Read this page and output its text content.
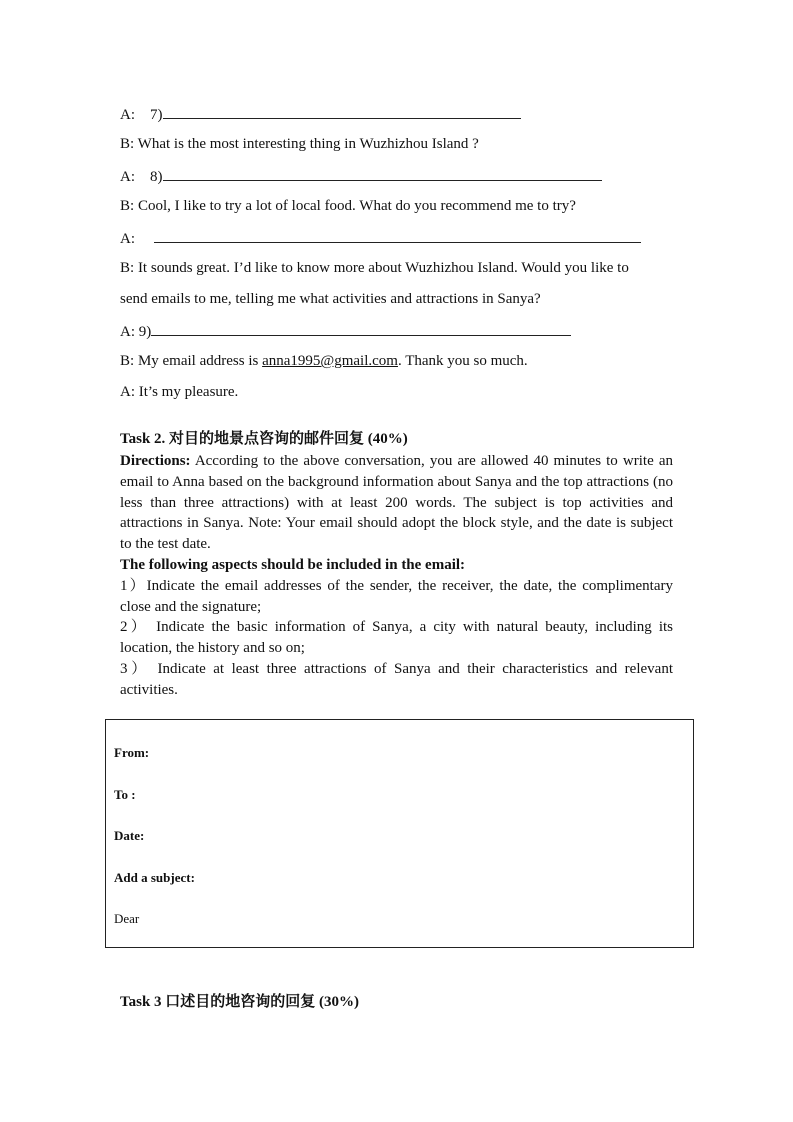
A: 7)
B: What is the most interesting thing in Wuzhizhou Island ?
A: 8)
B: Cool, I like to try a lot of local food. What do you recommend me to try?
A:
B: It sounds great. I’d like to know more about Wuzhizhou Island. Would you like to
send emails to me, telling me what activities and attractions in Sanya?
A: 9)
B: My email address is anna1995@gmail.com. Thank you so much.
A: It’s my pleasure.
Task 2. 对目的地景点咨询的邮件回复 (40%)
Directions: According to the above conversation, you are allowed 40 minutes to write an email to Anna based on the background information about Sanya and the top attractions (no less than three attractions) with at least 200 words. The subject is top activities and attractions in Sanya. Note: Your email should adopt the block style, and the date is subject to the test date.
The following aspects should be included in the email:
1）Indicate the email addresses of the sender, the receiver, the date, the complimentary close and the signature;
2） Indicate the basic information of Sanya, a city with natural beauty, including its location, the history and so on;
3） Indicate at least three attractions of Sanya and their characteristics and relevant activities.
From:
To :
Date:
Add a subject:
Dear
Task 3 口述目的地咨询的回复 (30%)
